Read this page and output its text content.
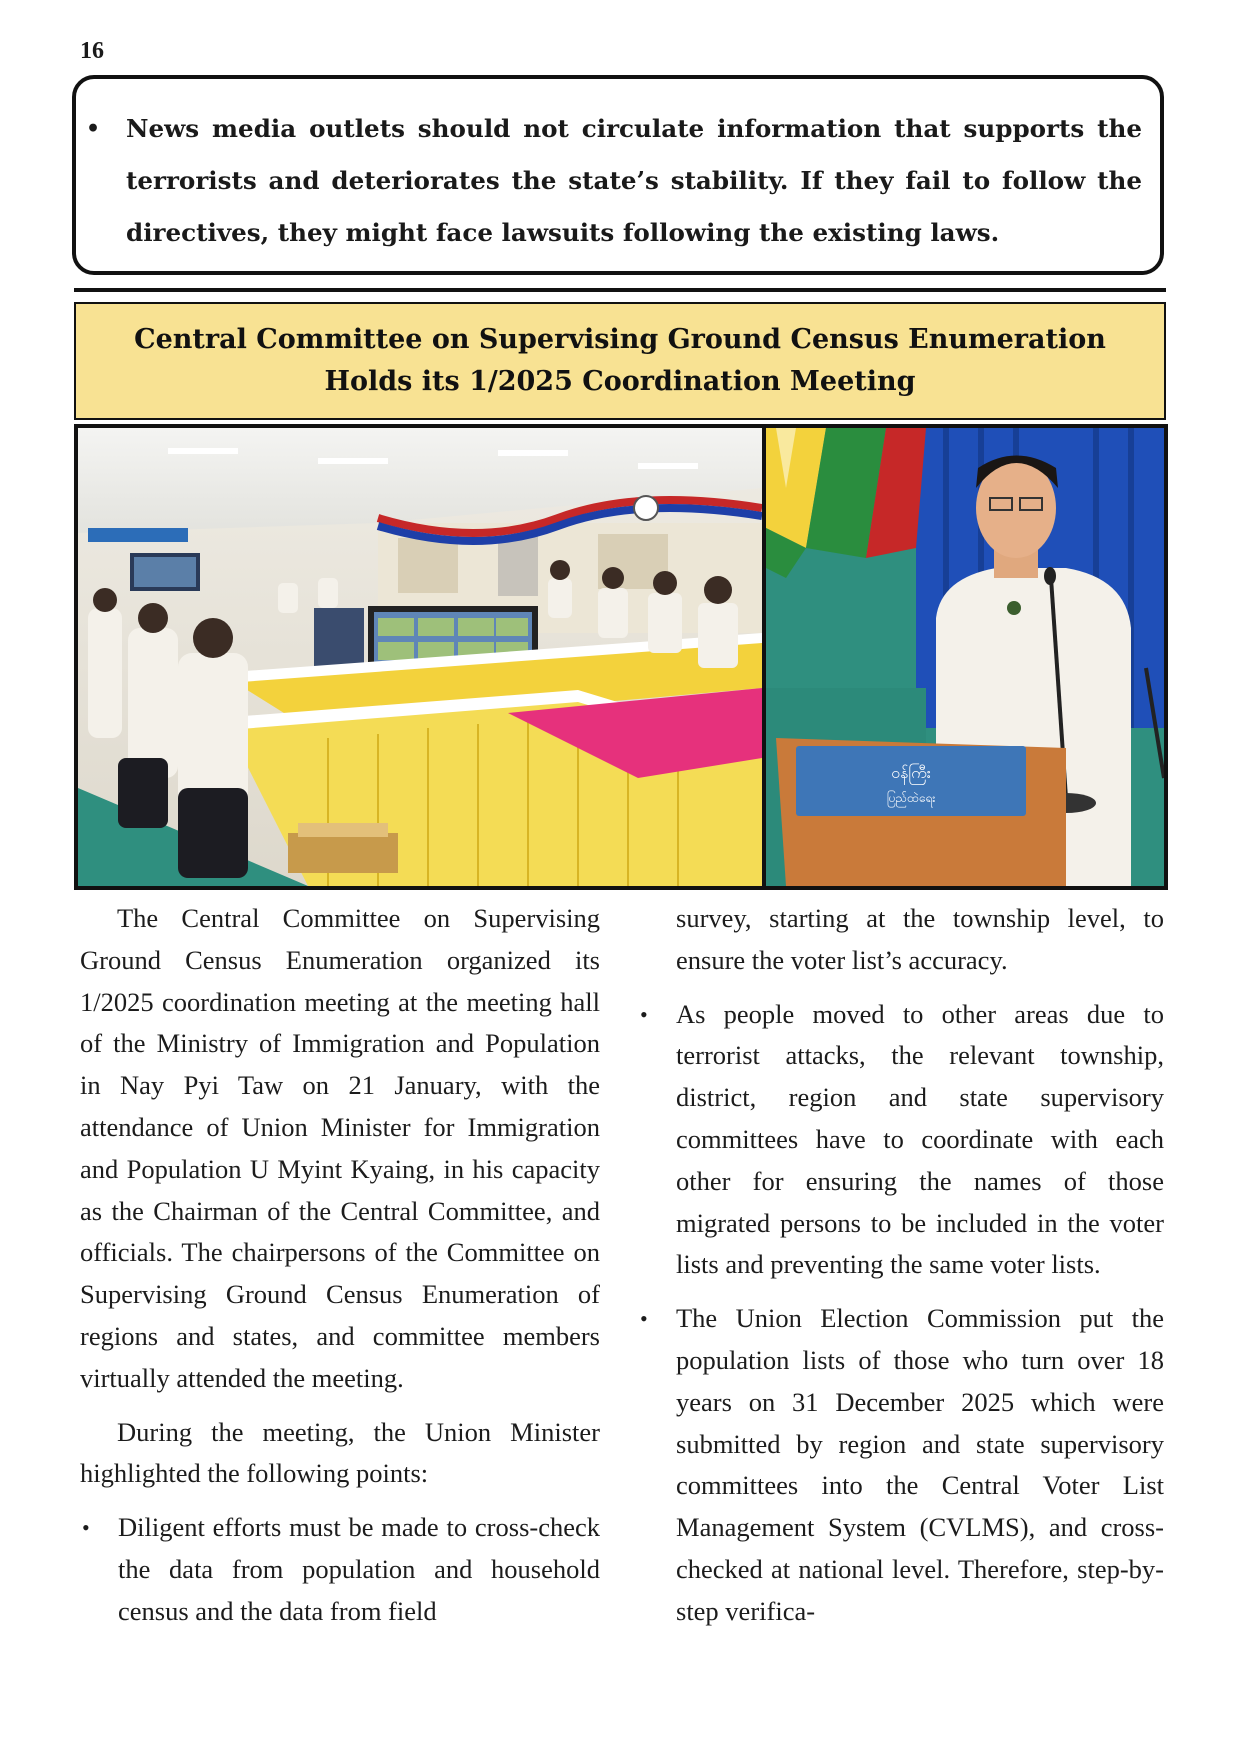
16
• News media outlets should not circulate information that supports the terrorists and deteriorates the state’s stability. If they fail to follow the directives, they might face lawsuits following the existing laws.
Central Committee on Supervising Ground Census Enumeration Holds its 1/2025 Coordination Meeting
ဝန်ကြီး
ပြည်ထဲရေး

The Central Committee on Supervising Ground Census Enumeration organized its 1/2025 coordination meeting at the meeting hall of the Ministry of Immigration and Population in Nay Pyi Taw on 21 January, with the attendance of Union Minister for Immigration and Population U Myint Kyaing, in his capacity as the Chairman of the Central Committee, and officials. The chairpersons of the Committee on Supervising Ground Census Enumeration of regions and states, and committee members virtually attended the meeting.

During the meeting, the Union Minister highlighted the following points:

• Diligent efforts must be made to cross-check the data from population and household census and the data from field
survey, starting at the township level, to ensure the voter list’s accuracy.
• As people moved to other areas due to terrorist attacks, the relevant township, district, region and state supervisory committees have to coordinate with each other for ensuring the names of those migrated persons to be included in the voter lists and preventing the same voter lists.
• The Union Election Commission put the population lists of those who turn over 18 years on 31 December 2025 which were submitted by region and state supervisory committees into the Central Voter List Management System (CVLMS), and cross-checked at national level. Therefore, step-by-step verifica-
